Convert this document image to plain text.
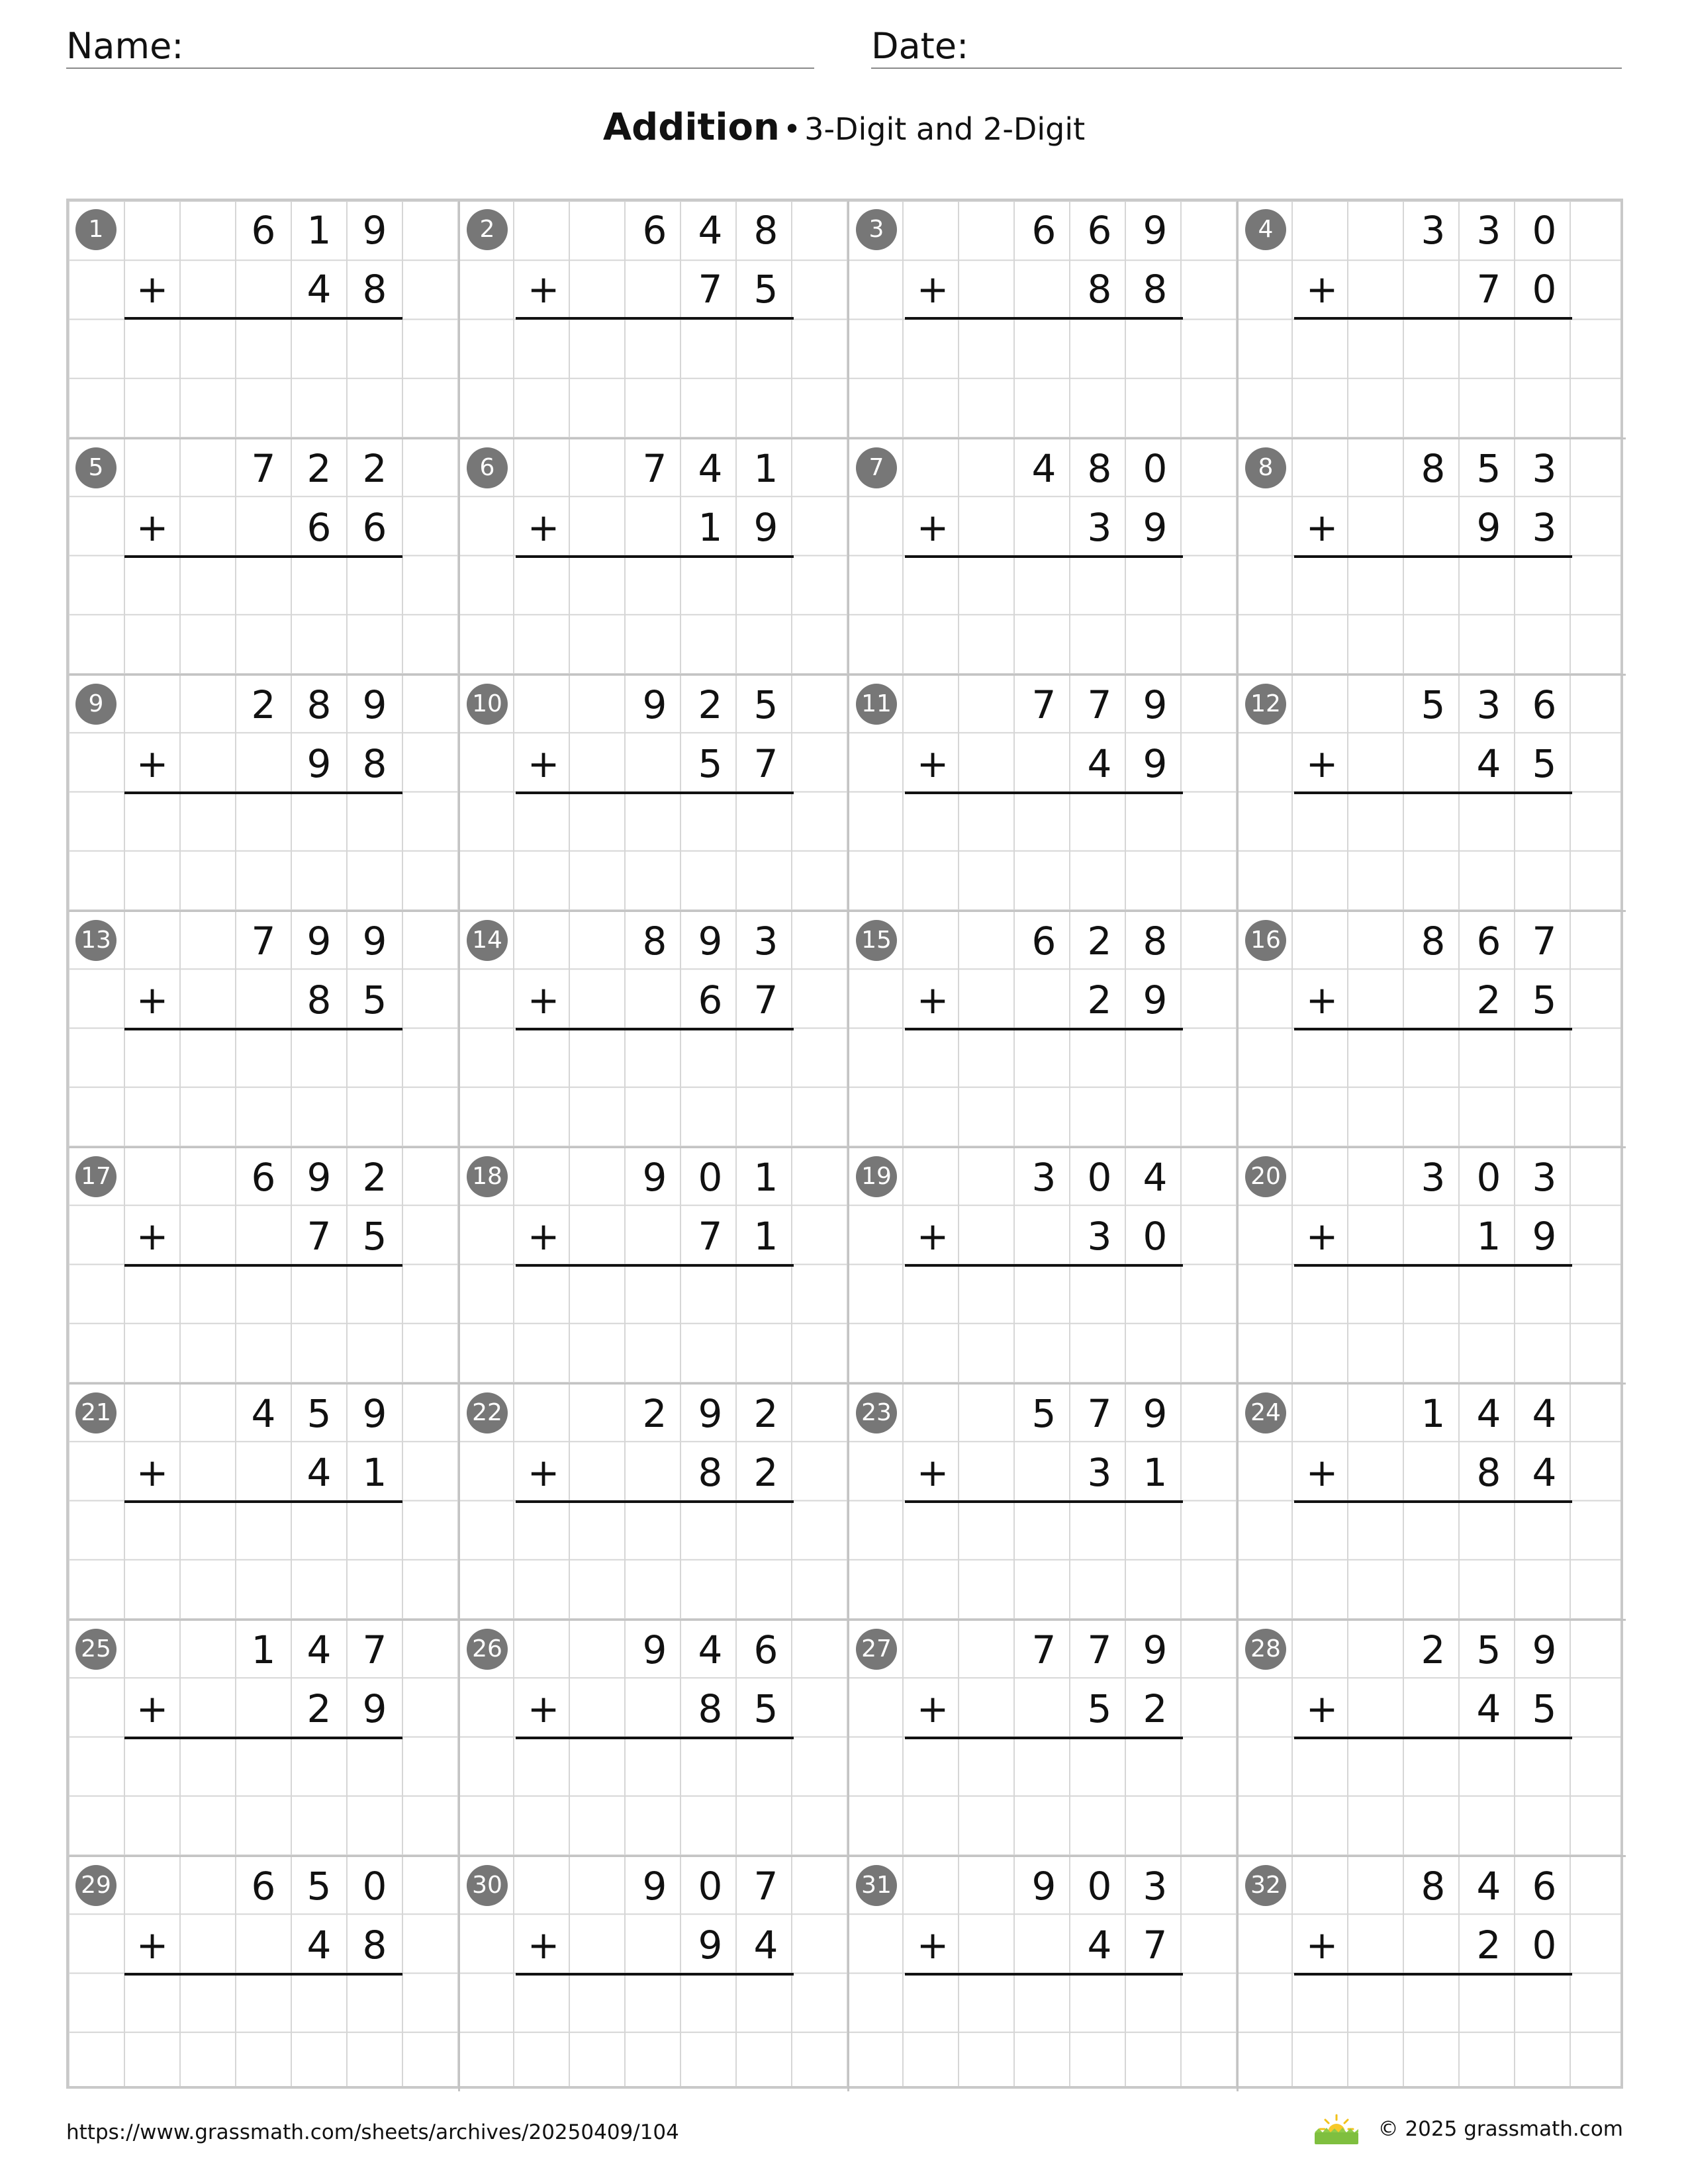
Name:	Date:
Addition • 3-Digit and 2-Digit
1	6 1 9
+	4 8
2	6 4 8
+	7 5
3	6 6 9
+	8 8
4	3 3 0
+	7 0
5	7 2 2
+	6 6
6	7 4 1
+	1 9
7	4 8 0
+	3 9
8	8 5 3
+	9 3
9	2 8 9
+	9 8
10	9 2 5
+	5 7
11	7 7 9
+	4 9
12	5 3 6
+	4 5
13	7 9 9
+	8 5
14	8 9 3
+	6 7
15	6 2 8
+	2 9
16	8 6 7
+	2 5
17	6 9 2
+	7 5
18	9 0 1
+	7 1
19	3 0 4
+	3 0
20	3 0 3
+	1 9
21	4 5 9
+	4 1
22	2 9 2
+	8 2
23	5 7 9
+	3 1
24	1 4 4
+	8 4
25	1 4 7
+	2 9
26	9 4 6
+	8 5
27	7 7 9
+	5 2
28	2 5 9
+	4 5
29	6 5 0
+	4 8
30	9 0 7
+	9 4
31	9 0 3
+	4 7
32	8 4 6
+	2 0
https://www.grassmath.com/sheets/archives/20250409/104	© 2025 grassmath.com
